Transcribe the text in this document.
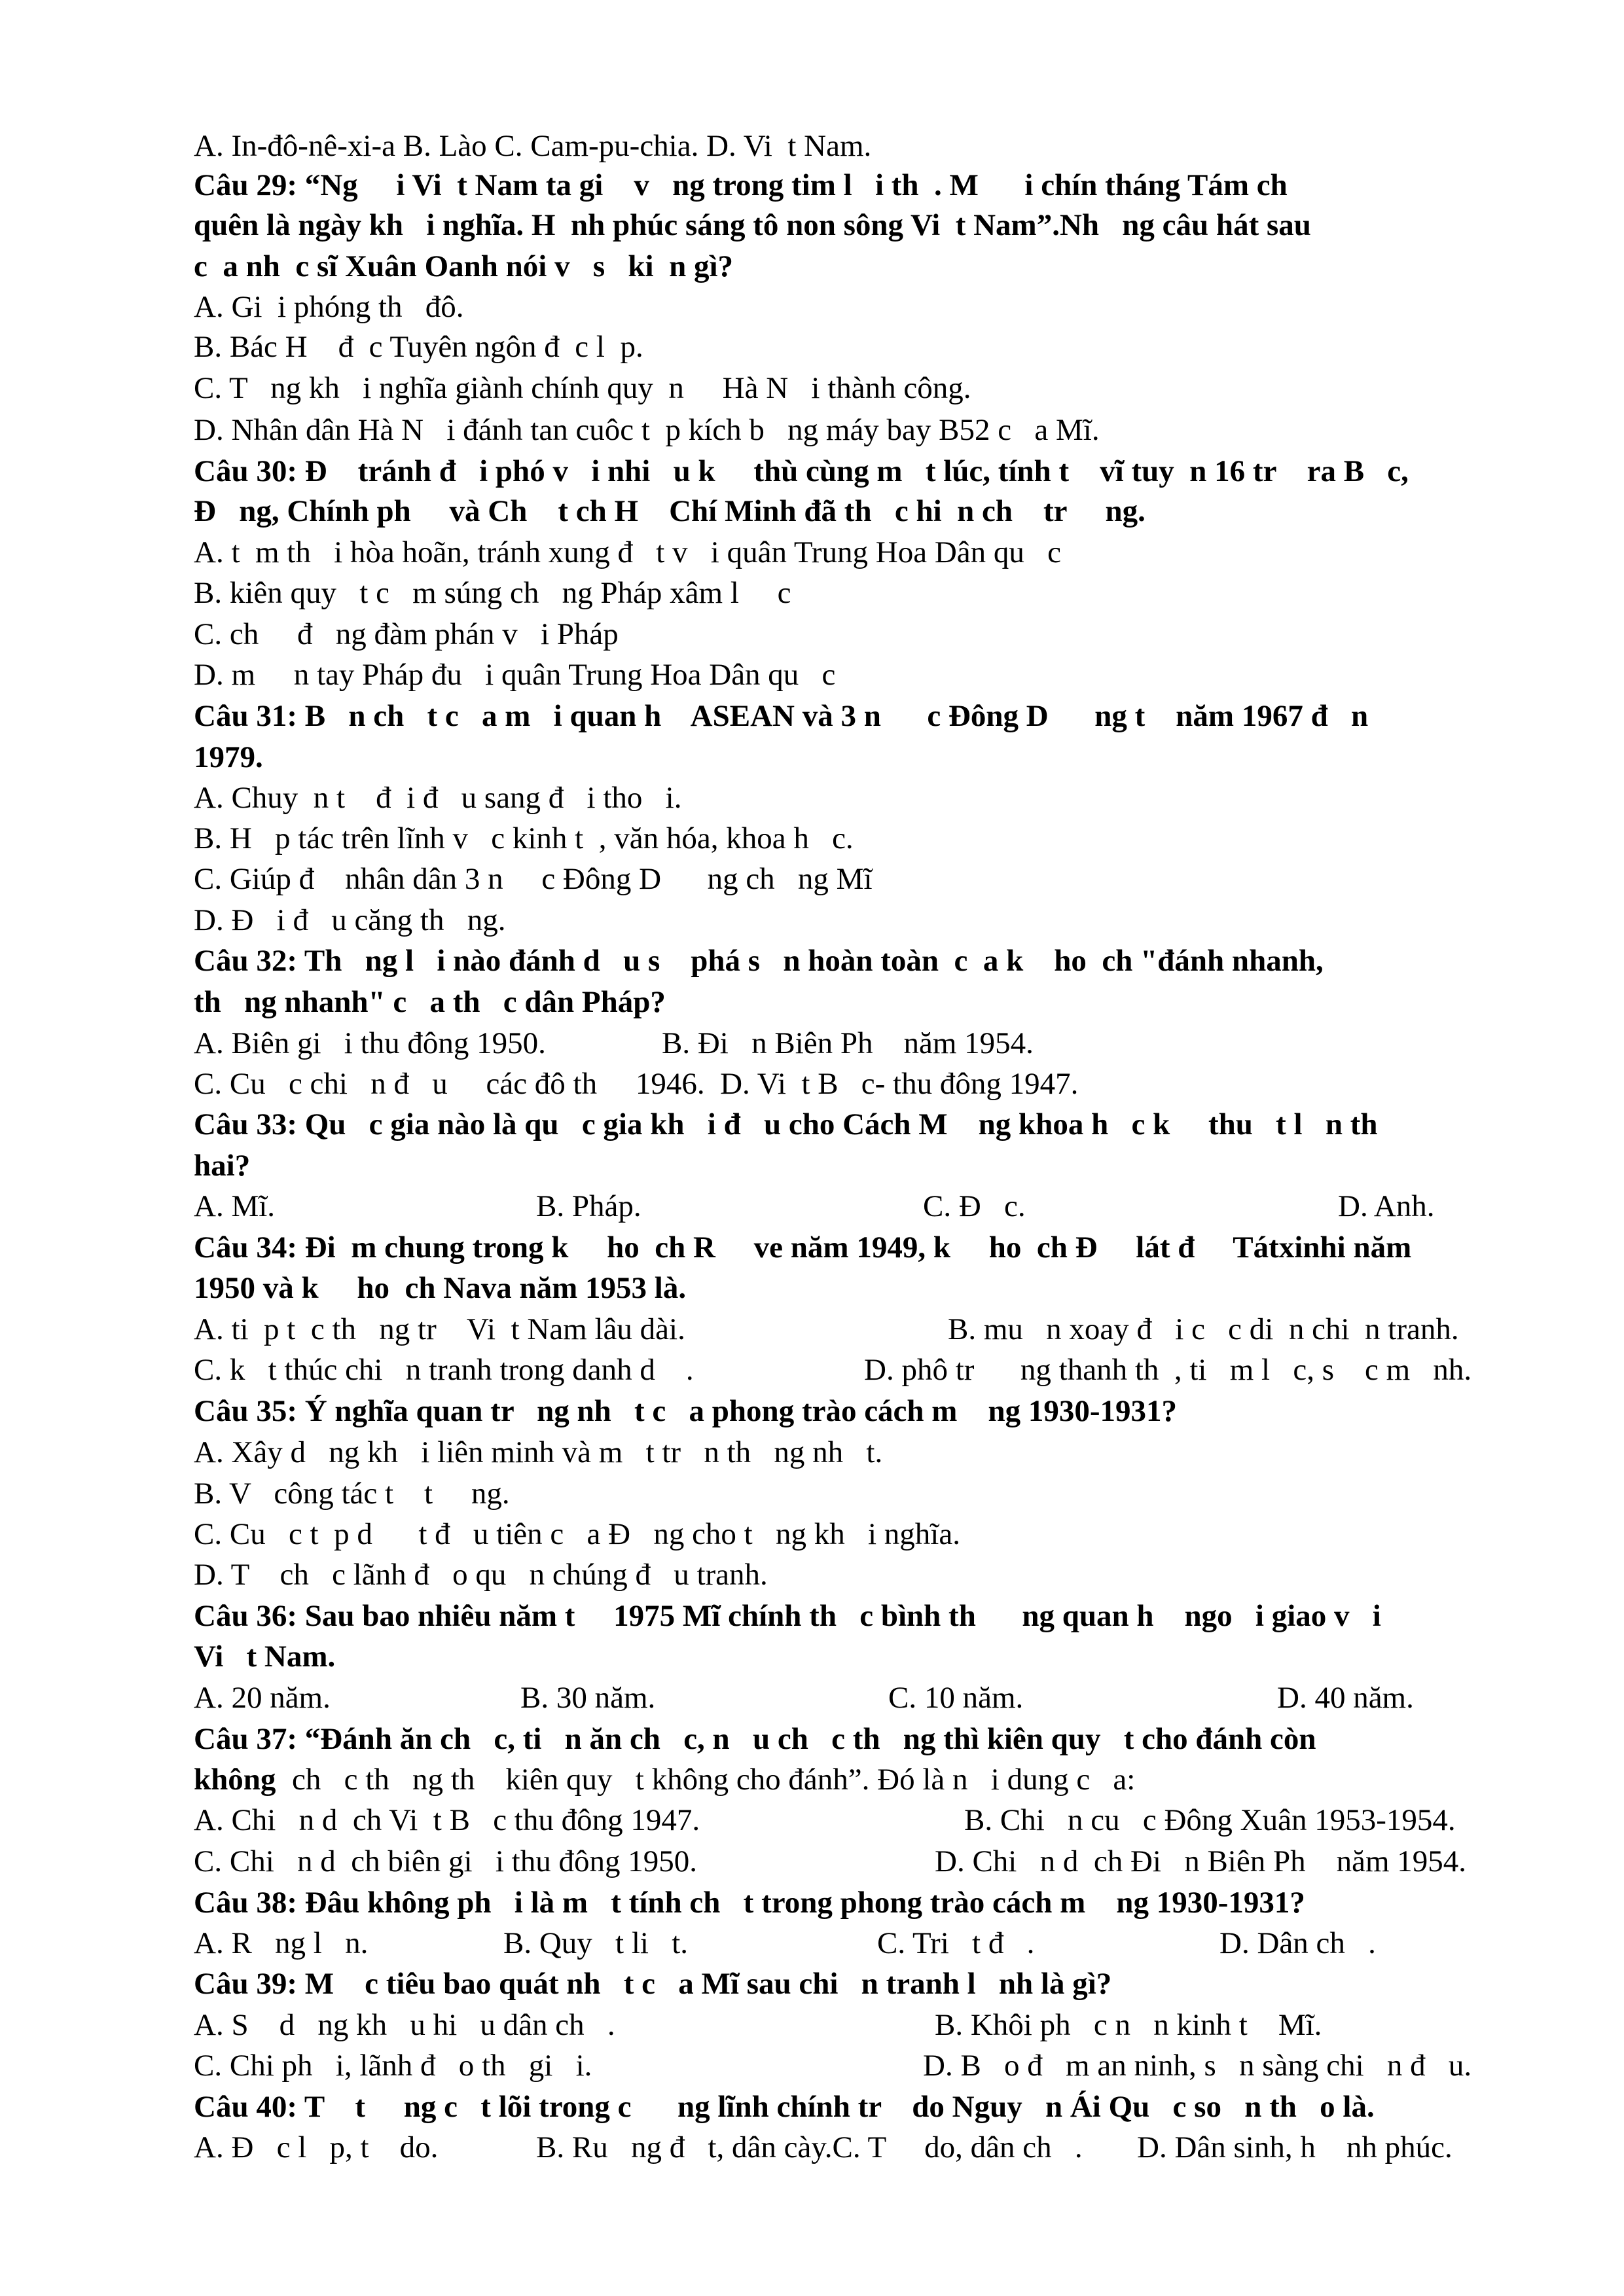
A. In-đô-nê-xi-a B. Lào C. Cam-pu-chia. D. Vi  t Nam.
Câu 29: “Ng     i Vi  t Nam ta gi    v   ng trong tim l   i th  . M      i chín tháng Tám ch
quên là ngày kh   i nghĩa. H  nh phúc sáng tô non sông Vi  t Nam”.Nh   ng câu hát sau
c  a nh  c sĩ Xuân Oanh nói v   s   ki  n gì?
A. Gi  i phóng th   đô.
B. Bác H    đ  c Tuyên ngôn đ  c l  p.
C. T   ng kh   i nghĩa giành chính quy  n     Hà N   i thành công.
D. Nhân dân Hà N   i đánh tan cuôc t  p kích b   ng máy bay B52 c   a Mĩ.
Câu 30: Đ    tránh đ   i phó v   i nhi   u k     thù cùng m   t lúc, tính t    vĩ tuy  n 16 tr    ra B   c,
Đ   ng, Chính ph     và Ch    t ch H    Chí Minh đã th   c hi  n ch    tr     ng.
A. t  m th   i hòa hoãn, tránh xung đ   t v   i quân Trung Hoa Dân qu   c
B. kiên quy   t c   m súng ch   ng Pháp xâm l     c
C. ch     đ   ng đàm phán v   i Pháp
D. m     n tay Pháp đu   i quân Trung Hoa Dân qu   c
Câu 31: B   n ch   t c   a m   i quan h    ASEAN và 3 n      c Đông D      ng t    năm 1967 đ   n
1979.
A. Chuy  n t    đ  i đ   u sang đ   i tho   i.
B. H   p tác trên lĩnh v   c kinh t  , văn hóa, khoa h   c.
C. Giúp đ    nhân dân 3 n     c Đông D      ng ch   ng Mĩ
D. Đ   i đ   u căng th   ng.
Câu 32: Th   ng l   i nào đánh d   u s    phá s   n hoàn toàn  c  a k    ho  ch "đánh nhanh,
th   ng nhanh" c   a th   c dân Pháp?
A. Biên gi   i thu đông 1950.	B. Đi   n Biên Ph    năm 1954.
C. Cu   c chi   n đ   u     các đô th     1946.  D. Vi  t B   c- thu đông 1947.
Câu 33: Qu   c gia nào là qu   c gia kh   i đ   u cho Cách M    ng khoa h   c k     thu   t l   n th
hai?
A. Mĩ.	B. Pháp.	C. Đ   c.	D. Anh.
Câu 34: Đi  m chung trong k     ho  ch R     ve năm 1949, k     ho  ch Đ     lát đ     Tátxinhi năm
1950 và k     ho  ch Nava năm 1953 là.
A. ti  p t  c th   ng tr    Vi  t Nam lâu dài.	B. mu   n xoay đ   i c   c di  n chi  n tranh.
C. k   t thúc chi   n tranh trong danh d    .	D. phô tr      ng thanh th  , ti   m l   c, s    c m   nh.
Câu 35: Ý nghĩa quan tr   ng nh   t c   a phong trào cách m    ng 1930-1931?
A. Xây d   ng kh   i liên minh và m   t tr   n th   ng nh   t.
B. V   công tác t    t     ng.
C. Cu   c t  p d      t đ   u tiên c   a Đ   ng cho t   ng kh   i nghĩa.
D. T    ch   c lãnh đ   o qu   n chúng đ   u tranh.
Câu 36: Sau bao nhiêu năm t     1975 Mĩ chính th   c bình th      ng quan h    ngo   i giao v   i
Vi   t Nam.
A. 20 năm.	B. 30 năm.	C. 10 năm.	D. 40 năm.
Câu 37: “Đánh ăn ch   c, ti   n ăn ch   c, n   u ch   c th   ng thì kiên quy   t cho đánh còn
không ch   c th   ng th    kiên quy   t không cho đánh”. Đó là n   i dung c   a:
A. Chi   n d  ch Vi  t B   c thu đông 1947.	B. Chi   n cu   c Đông Xuân 1953-1954.
C. Chi   n d  ch biên gi   i thu đông 1950.	D. Chi   n d  ch Đi   n Biên Ph    năm 1954.
Câu 38: Đâu không ph   i là m   t tính ch   t trong phong trào cách m    ng 1930-1931?
A. R   ng l   n.	B. Quy   t li   t.	C. Tri   t đ   .	D. Dân ch   .
Câu 39: M    c tiêu bao quát nh   t c   a Mĩ sau chi   n tranh l   nh là gì?
A. S    d   ng kh   u hi   u dân ch   .	B. Khôi ph   c n   n kinh t    Mĩ.
C. Chi ph   i, lãnh đ   o th   gi   i.	D. B   o đ   m an ninh, s   n sàng chi   n đ   u.
Câu 40: T    t     ng c   t lõi trong c      ng lĩnh chính tr    do Nguy   n Ái Qu   c so   n th   o là.
A. Đ   c l   p, t    do.	B. Ru   ng đ   t, dân cày.C. T     do, dân ch   . D. Dân sinh, h    nh phúc.
